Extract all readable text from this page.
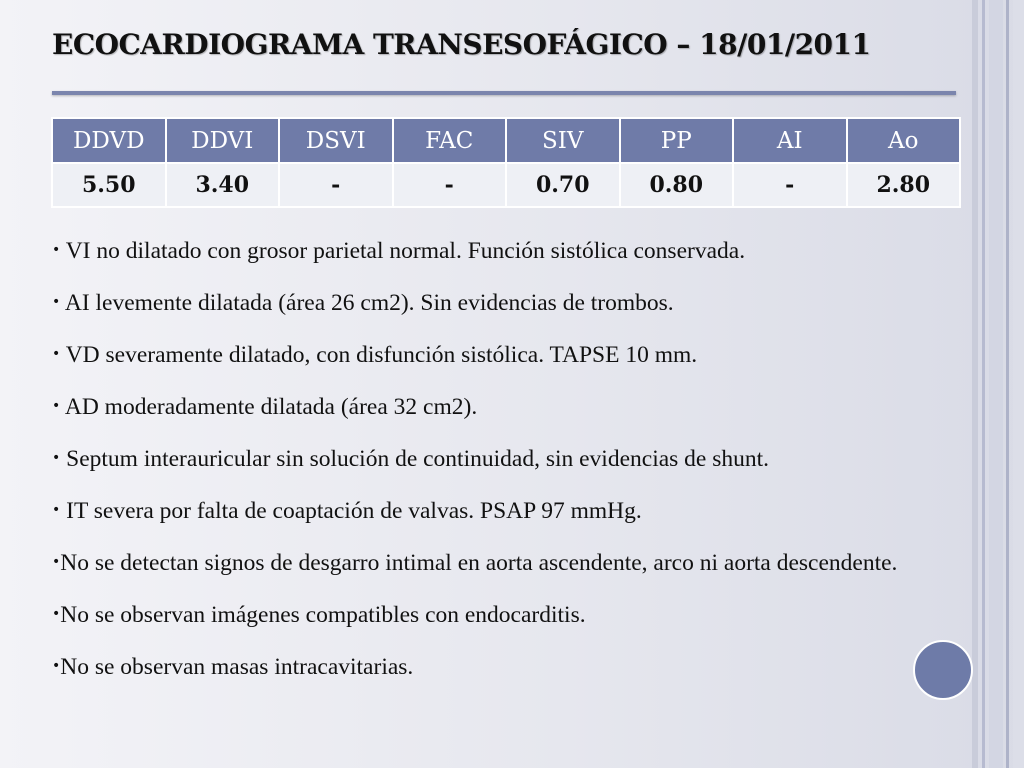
ECOCARDIOGRAMA TRANSESOFÁGICO – 18/01/2011
DDVD	DDVI	DSVI	FAC	SIV	PP	AI	Ao
5.50	3.40	-	-	0.70	0.80	-	2.80
• VI no dilatado con grosor parietal normal. Función sistólica conservada.
• AI levemente dilatada (área 26 cm2). Sin evidencias de trombos.
• VD severamente dilatado, con disfunción sistólica. TAPSE 10 mm.
• AD moderadamente dilatada (área 32 cm2).
• Septum interauricular sin solución de continuidad, sin evidencias de shunt.
• IT severa por falta de coaptación de valvas. PSAP 97 mmHg.
•No se detectan signos de desgarro intimal en aorta ascendente, arco ni aorta descendente.
•No se observan imágenes compatibles con endocarditis.
•No se observan masas intracavitarias.
